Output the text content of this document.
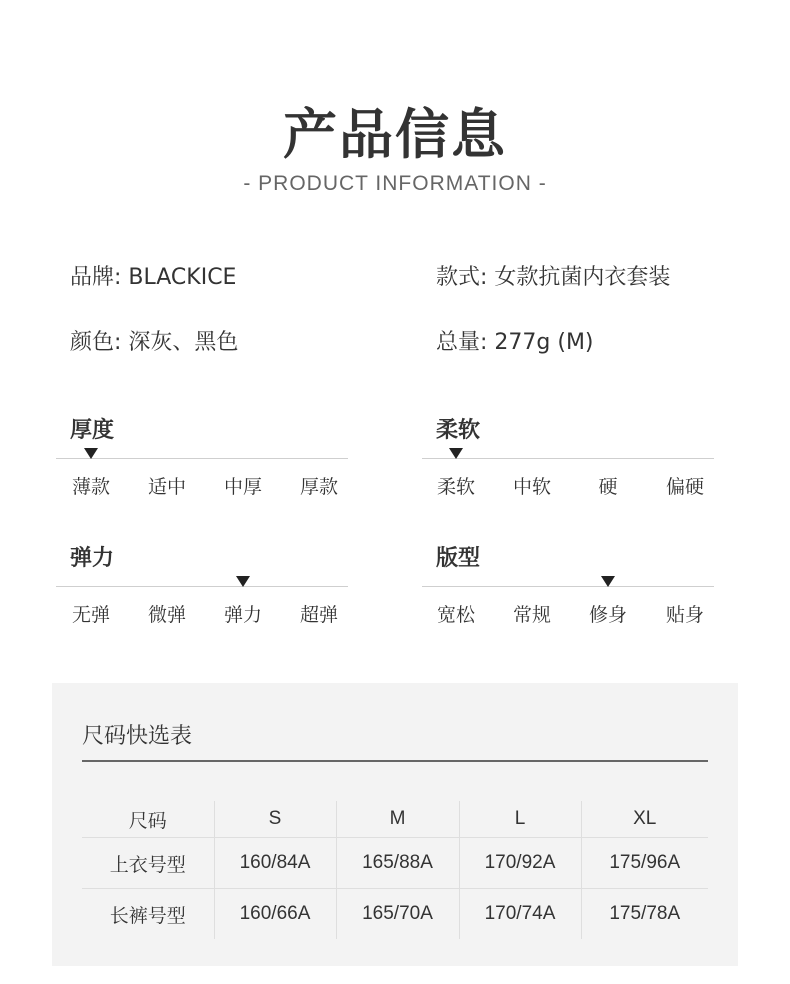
产品信息
- PRODUCT INFORMATION -
品牌: BLACKICE	款式: 女款抗菌内衣套装
颜色: 深灰、黑色	总量: 277g (M)
厚度
薄款	适中	中厚	厚款
柔软
柔软	中软	硬	偏硬
弹力
无弹	微弹	弹力	超弹
版型
宽松	常规	修身	贴身
尺码快选表
尺码	S	M	L	XL
上衣号型	160/84A	165/88A	170/92A	175/96A
长裤号型	160/66A	165/70A	170/74A	175/78A
